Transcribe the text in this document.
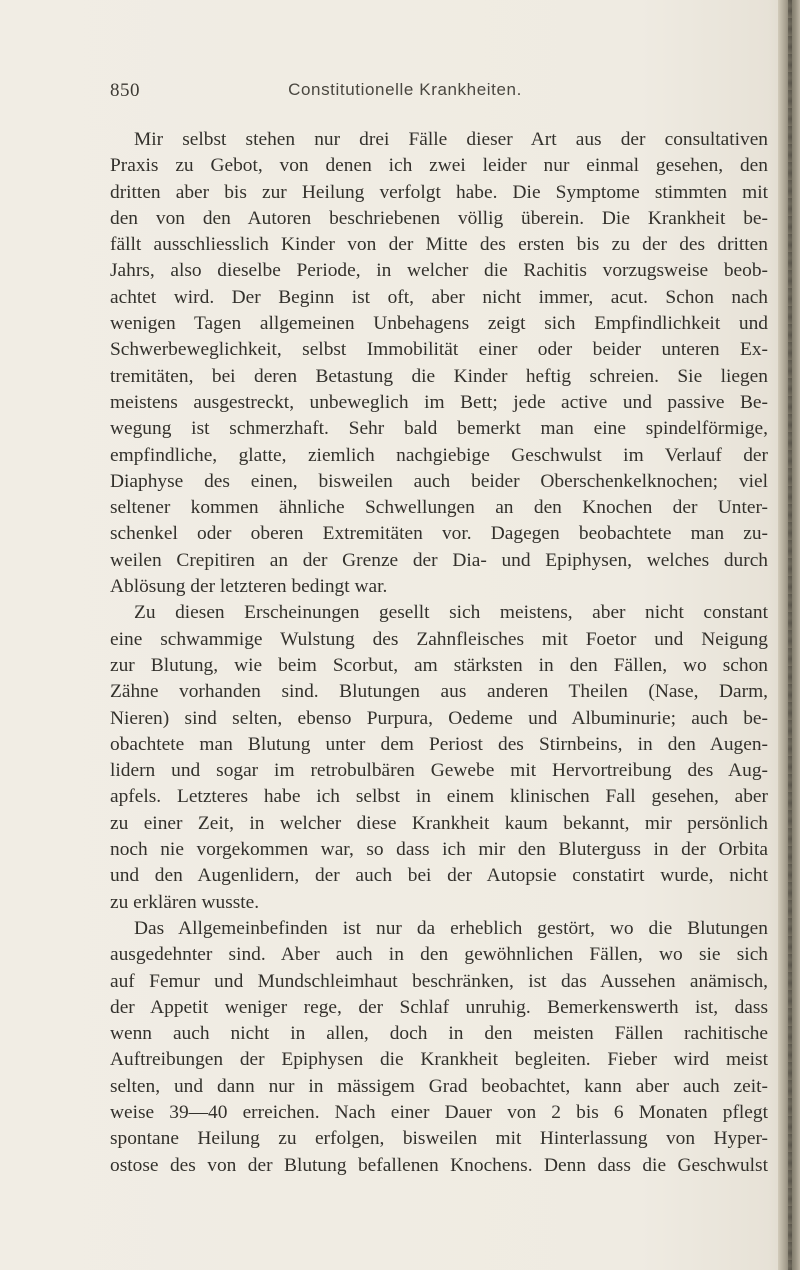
850	Constitutionelle Krankheiten.
Mir selbst stehen nur drei Fälle dieser Art aus der consultativen
Praxis zu Gebot, von denen ich zwei leider nur einmal gesehen, den
dritten aber bis zur Heilung verfolgt habe. Die Symptome stimmten mit
den von den Autoren beschriebenen völlig überein. Die Krankheit be-
fällt ausschliesslich Kinder von der Mitte des ersten bis zu der des dritten
Jahrs, also dieselbe Periode, in welcher die Rachitis vorzugsweise beob-
achtet wird. Der Beginn ist oft, aber nicht immer, acut. Schon nach
wenigen Tagen allgemeinen Unbehagens zeigt sich Empfindlichkeit und
Schwerbeweglichkeit, selbst Immobilität einer oder beider unteren Ex-
tremitäten, bei deren Betastung die Kinder heftig schreien. Sie liegen
meistens ausgestreckt, unbeweglich im Bett; jede active und passive Be-
wegung ist schmerzhaft. Sehr bald bemerkt man eine spindelförmige,
empfindliche, glatte, ziemlich nachgiebige Geschwulst im Verlauf der
Diaphyse des einen, bisweilen auch beider Oberschenkelknochen; viel
seltener kommen ähnliche Schwellungen an den Knochen der Unter-
schenkel oder oberen Extremitäten vor. Dagegen beobachtete man zu-
weilen Crepitiren an der Grenze der Dia- und Epiphysen, welches durch
Ablösung der letzteren bedingt war.
Zu diesen Erscheinungen gesellt sich meistens, aber nicht constant
eine schwammige Wulstung des Zahnfleisches mit Foetor und Neigung
zur Blutung, wie beim Scorbut, am stärksten in den Fällen, wo schon
Zähne vorhanden sind. Blutungen aus anderen Theilen (Nase, Darm,
Nieren) sind selten, ebenso Purpura, Oedeme und Albuminurie; auch be-
obachtete man Blutung unter dem Periost des Stirnbeins, in den Augen-
lidern und sogar im retrobulbären Gewebe mit Hervortreibung des Aug-
apfels. Letzteres habe ich selbst in einem klinischen Fall gesehen, aber
zu einer Zeit, in welcher diese Krankheit kaum bekannt, mir persönlich
noch nie vorgekommen war, so dass ich mir den Bluterguss in der Orbita
und den Augenlidern, der auch bei der Autopsie constatirt wurde, nicht
zu erklären wusste.
Das Allgemeinbefinden ist nur da erheblich gestört, wo die Blutungen
ausgedehnter sind. Aber auch in den gewöhnlichen Fällen, wo sie sich
auf Femur und Mundschleimhaut beschränken, ist das Aussehen anämisch,
der Appetit weniger rege, der Schlaf unruhig. Bemerkenswerth ist, dass
wenn auch nicht in allen, doch in den meisten Fällen rachitische
Auftreibungen der Epiphysen die Krankheit begleiten. Fieber wird meist
selten, und dann nur in mässigem Grad beobachtet, kann aber auch zeit-
weise 39—40 erreichen. Nach einer Dauer von 2 bis 6 Monaten pflegt
spontane Heilung zu erfolgen, bisweilen mit Hinterlassung von Hyper-
ostose des von der Blutung befallenen Knochens. Denn dass die Geschwulst
